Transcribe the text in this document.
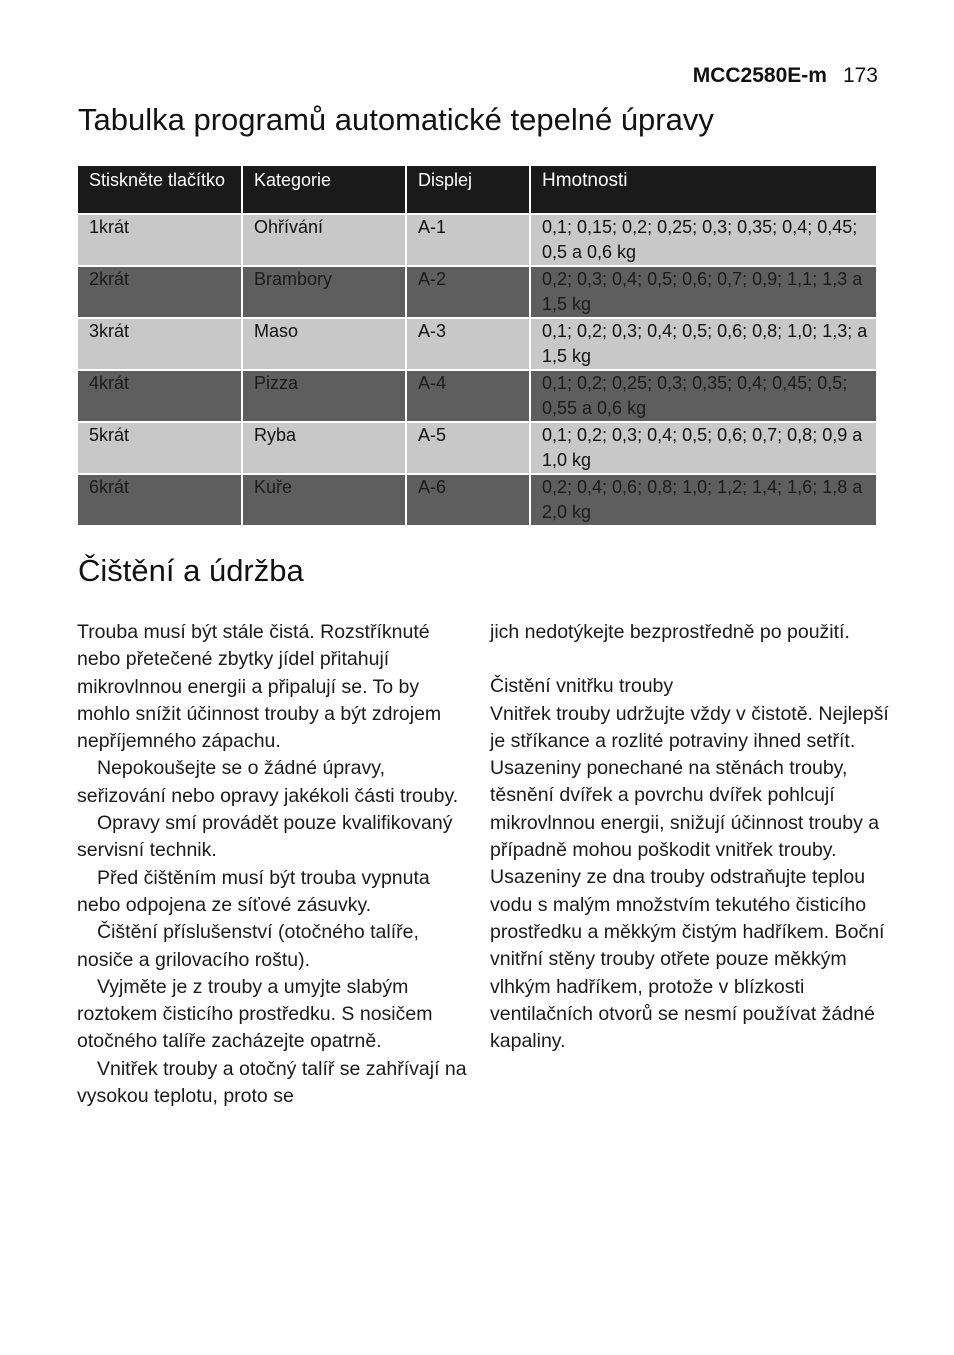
MCC2580E-m 173
Tabulka programů automatické tepelné úpravy
Stiskněte tlačítko	Kategorie	Displej	Hmotnosti
1krát	Ohřívání	A-1	0,1; 0,15; 0,2; 0,25; 0,3; 0,35; 0,4; 0,45; 0,5 a 0,6 kg
2krát	Brambory	A-2	0,2; 0,3; 0,4; 0,5; 0,6; 0,7; 0,9; 1,1; 1,3 a 1,5 kg
3krát	Maso	A-3	0,1; 0,2; 0,3; 0,4; 0,5; 0,6; 0,8; 1,0; 1,3; a 1,5 kg
4krát	Pizza	A-4	0,1; 0,2; 0,25; 0,3; 0,35; 0,4; 0,45; 0,5; 0,55 a 0,6 kg
5krát	Ryba	A-5	0,1; 0,2; 0,3; 0,4; 0,5; 0,6; 0,7; 0,8; 0,9 a 1,0 kg
6krát	Kuře	A-6	0,2; 0,4; 0,6; 0,8; 1,0; 1,2; 1,4; 1,6; 1,8 a 2,0 kg
Čištění a údržba

Trouba musí být stále čistá. Rozstříknuté nebo přetečené zbytky jídel přitahují mikrovlnnou energii a připalují se. To by mohlo snížit účinnost trouby a být zdrojem nepříjemného zápachu.

Nepokoušejte se o žádné úpravy, seřizování nebo opravy jakékoli části trouby.

Opravy smí provádět pouze kvalifikovaný servisní technik.

Před čištěním musí být trouba vypnuta nebo odpojena ze síťové zásuvky.

Čištění příslušenství (otočného talíře, nosiče a grilovacího roštu).

Vyjměte je z trouby a umyjte slabým roztokem čisticího prostředku. S nosičem otočného talíře zacházejte opatrně.

Vnitřek trouby a otočný talíř se zahřívají na vysokou teplotu, proto se

jich nedotýkejte bezprostředně po použití.

Čistění vnitřku trouby

Vnitřek trouby udržujte vždy v čistotě. Nejlepší je stříkance a rozlité potraviny ihned setřít. Usazeniny ponechané na stěnách trouby, těsnění dvířek a povrchu dvířek pohlcují mikrovlnnou energii, snižují účinnost trouby a případně mohou poškodit vnitřek trouby. Usazeniny ze dna trouby odstraňujte teplou vodu s malým množstvím tekutého čisticího prostředku a měkkým čistým hadříkem. Boční vnitřní stěny trouby otřete pouze měkkým vlhkým hadříkem, protože v blízkosti ventilačních otvorů se nesmí používat žádné kapaliny.
